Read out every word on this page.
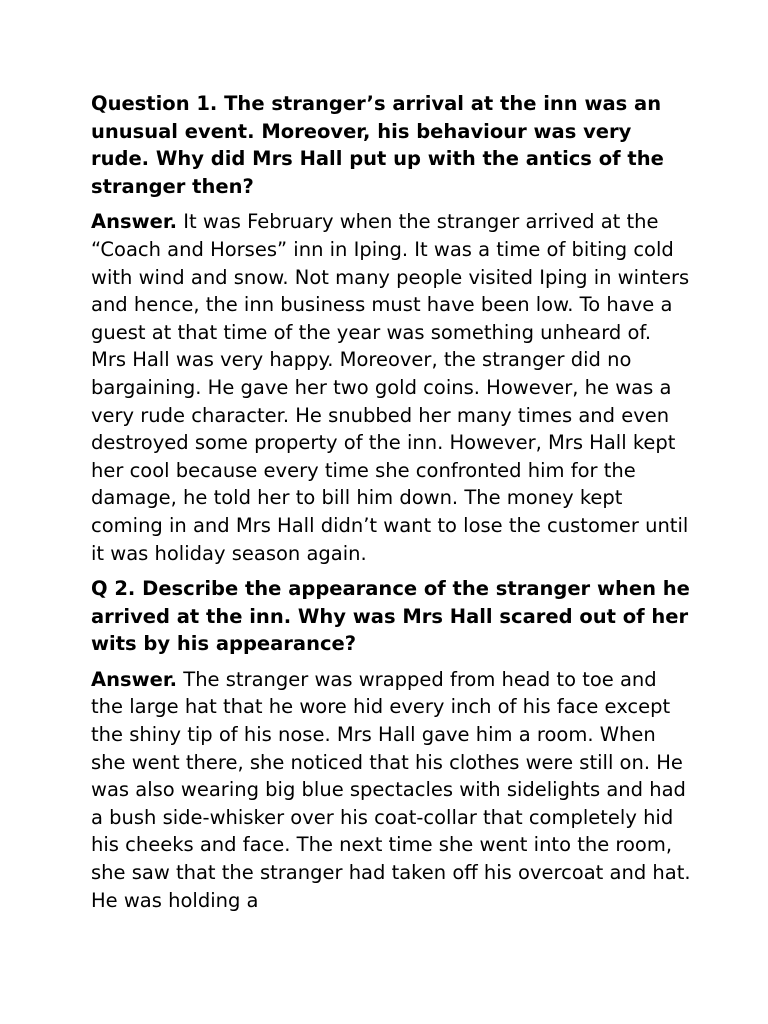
Question 1. The stranger’s arrival at the inn was an unusual event. Moreover, his behaviour was very rude. Why did Mrs Hall put up with the antics of the stranger then?

Answer. It was February when the stranger arrived at the “Coach and Horses” inn in Iping. It was a time of biting cold with wind and snow. Not many people visited Iping in winters and hence, the inn business must have been low. To have a guest at that time of the year was something unheard of. Mrs Hall was very happy. Moreover, the stranger did no bargaining. He gave her two gold coins. However, he was a very rude character. He snubbed her many times and even destroyed some property of the inn. However, Mrs Hall kept her cool because every time she confronted him for the damage, he told her to bill him down. The money kept coming in and Mrs Hall didn’t want to lose the customer until it was holiday season again.

Q 2. Describe the appearance of the stranger when he arrived at the inn. Why was Mrs Hall scared out of her wits by his appearance?

Answer. The stranger was wrapped from head to toe and the large hat that he wore hid every inch of his face except the shiny tip of his nose. Mrs Hall gave him a room. When she went there, she noticed that his clothes were still on. He was also wearing big blue spectacles with sidelights and had a bush side-whisker over his coat-collar that completely hid his cheeks and face. The next time she went into the room, she saw that the stranger had taken off his overcoat and hat. He was holding a
